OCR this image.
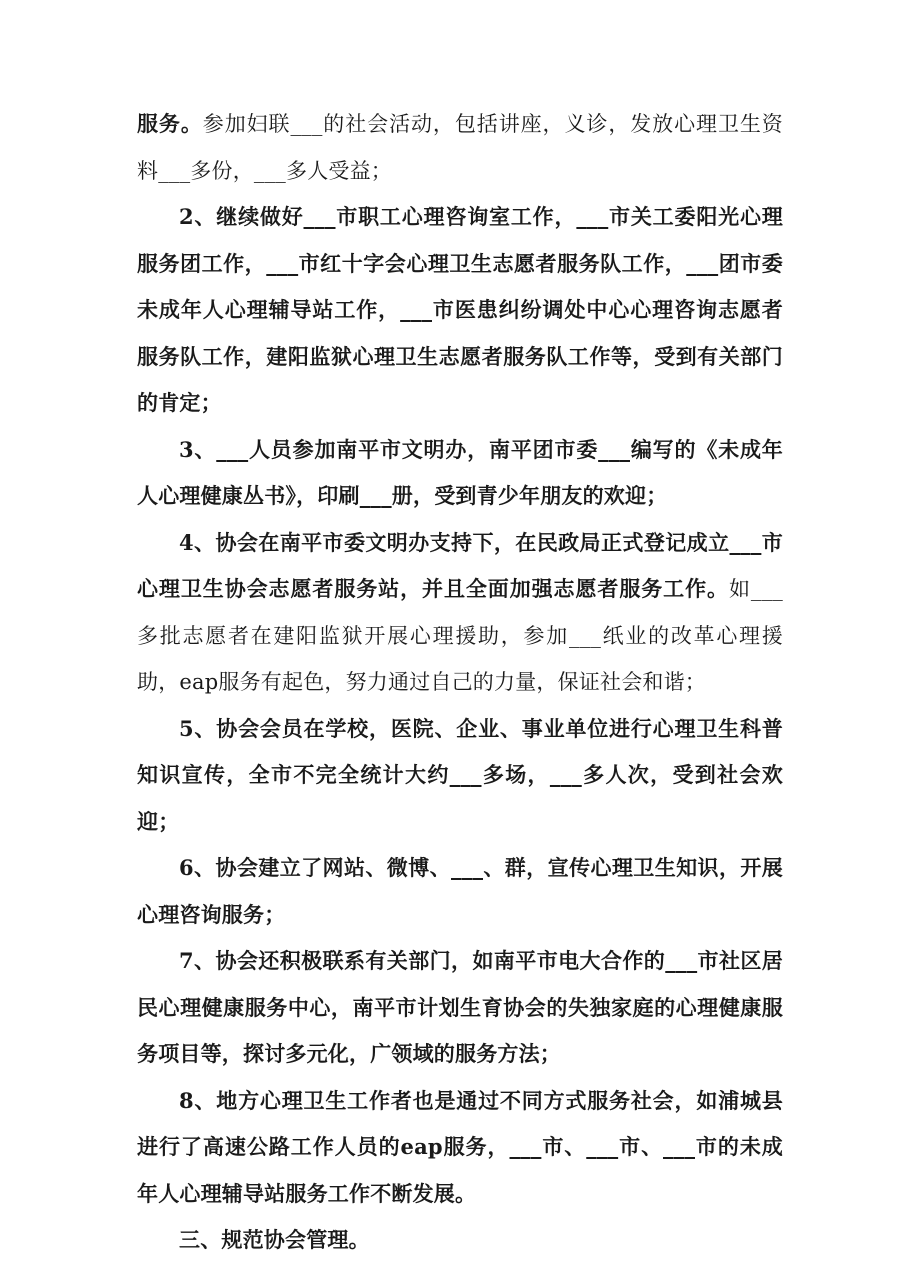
服务。参加妇联___的社会活动，包括讲座，义诊，发放心理卫生资料___多份，___多人受益；

2、继续做好___市职工心理咨询室工作，___市关工委阳光心理服务团工作，___市红十字会心理卫生志愿者服务队工作，___团市委未成年人心理辅导站工作，___市医患纠纷调处中心心理咨询志愿者服务队工作，建阳监狱心理卫生志愿者服务队工作等，受到有关部门的肯定；

3、___人员参加南平市文明办，南平团市委___编写的《未成年人心理健康丛书》，印刷___册，受到青少年朋友的欢迎；

4、协会在南平市委文明办支持下，在民政局正式登记成立___市心理卫生协会志愿者服务站，并且全面加强志愿者服务工作。如___多批志愿者在建阳监狱开展心理援助，参加___纸业的改革心理援助，eap服务有起色，努力通过自己的力量，保证社会和谐；

5、协会会员在学校，医院、企业、事业单位进行心理卫生科普知识宣传，全市不完全统计大约___多场，___多人次，受到社会欢迎；

6、协会建立了网站、微博、___、群，宣传心理卫生知识，开展心理咨询服务；

7、协会还积极联系有关部门，如南平市电大合作的___市社区居民心理健康服务中心，南平市计划生育协会的失独家庭的心理健康服务项目等，探讨多元化，广领域的服务方法；

8、地方心理卫生工作者也是通过不同方式服务社会，如浦城县进行了高速公路工作人员的eap服务，___市、___市、___市的未成年人心理辅导站服务工作不断发展。

三、规范协会管理。
